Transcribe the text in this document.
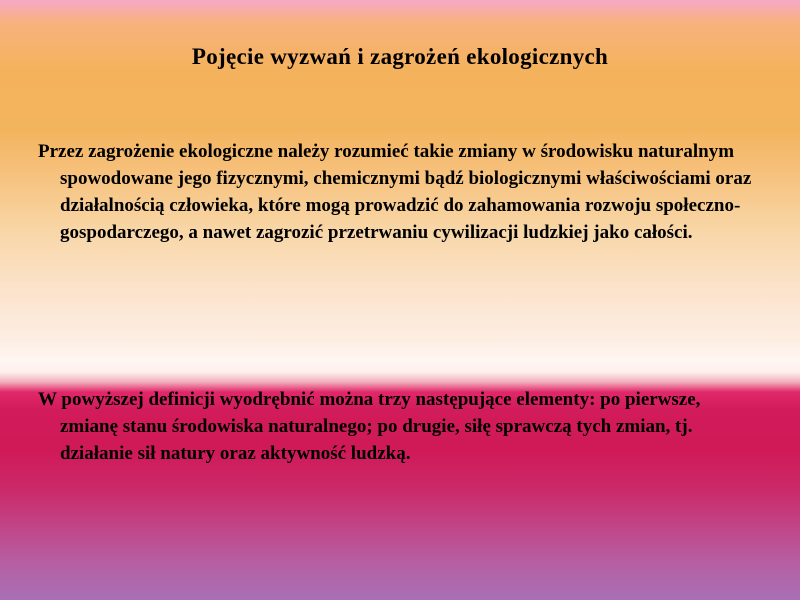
Pojęcie wyzwań i zagrożeń ekologicznych

Przez zagrożenie ekologiczne należy rozumieć takie zmiany w środowisku naturalnym spowodowane jego fizycznymi, chemicznymi bądź biologicznymi właściwościami oraz działalnością człowieka, które mogą prowadzić do zahamowania rozwoju społeczno-gospodarczego, a nawet zagrozić przetrwaniu cywilizacji ludzkiej jako całości.

W powyższej definicji wyodrębnić można trzy następujące elementy: po pierwsze, zmianę stanu środowiska naturalnego; po drugie, siłę sprawczą tych zmian, tj. działanie sił natury oraz aktywność ludzką.
